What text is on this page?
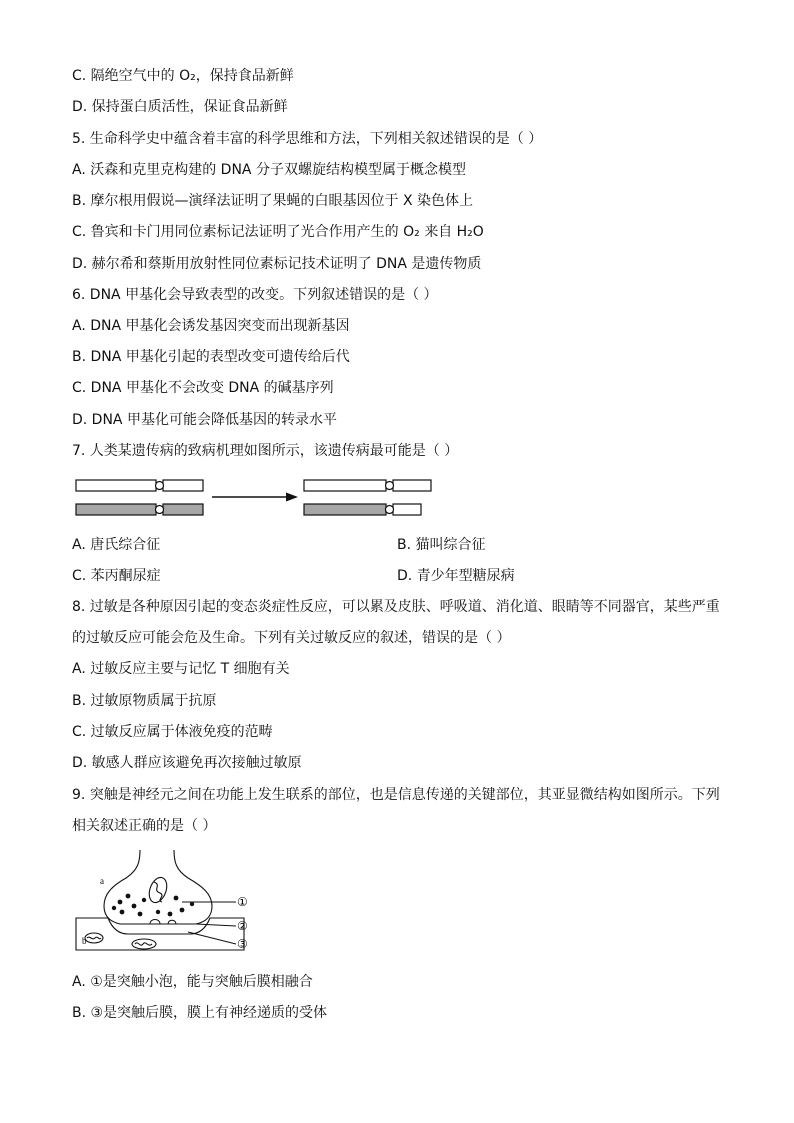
C. 隔绝空气中的 O₂，保持食品新鲜
D. 保持蛋白质活性，保证食品新鲜
5. 生命科学史中蕴含着丰富的科学思维和方法，下列相关叙述错误的是（ ）
A. 沃森和克里克构建的 DNA 分子双螺旋结构模型属于概念模型
B. 摩尔根用假说—演绎法证明了果蝇的白眼基因位于 X 染色体上
C. 鲁宾和卡门用同位素标记法证明了光合作用产生的 O₂ 来自 H₂O
D. 赫尔希和蔡斯用放射性同位素标记技术证明了 DNA 是遗传物质
6. DNA 甲基化会导致表型的改变。下列叙述错误的是（ ）
A. DNA 甲基化会诱发基因突变而出现新基因
B. DNA 甲基化引起的表型改变可遗传给后代
C. DNA 甲基化不会改变 DNA 的碱基序列
D. DNA 甲基化可能会降低基因的转录水平
7. 人类某遗传病的致病机理如图所示，该遗传病最可能是（ ）
A. 唐氏综合征	B. 猫叫综合征
C. 苯丙酮尿症	D. 青少年型糖尿病
8. 过敏是各种原因引起的变态炎症性反应，可以累及皮肤、呼吸道、消化道、眼睛等不同器官，某些严重
的过敏反应可能会危及生命。下列有关过敏反应的叙述，错误的是（ ）
A. 过敏反应主要与记忆 T 细胞有关
B. 过敏原物质属于抗原
C. 过敏反应属于体液免疫的范畴
D. 敏感人群应该避免再次接触过敏原
9. 突触是神经元之间在功能上发生联系的部位，也是信息传递的关键部位，其亚显微结构如图所示。下列
相关叙述正确的是（ ）
a
b
①
②
③
A. ①是突触小泡，能与突触后膜相融合
B. ③是突触后膜，膜上有神经递质的受体
